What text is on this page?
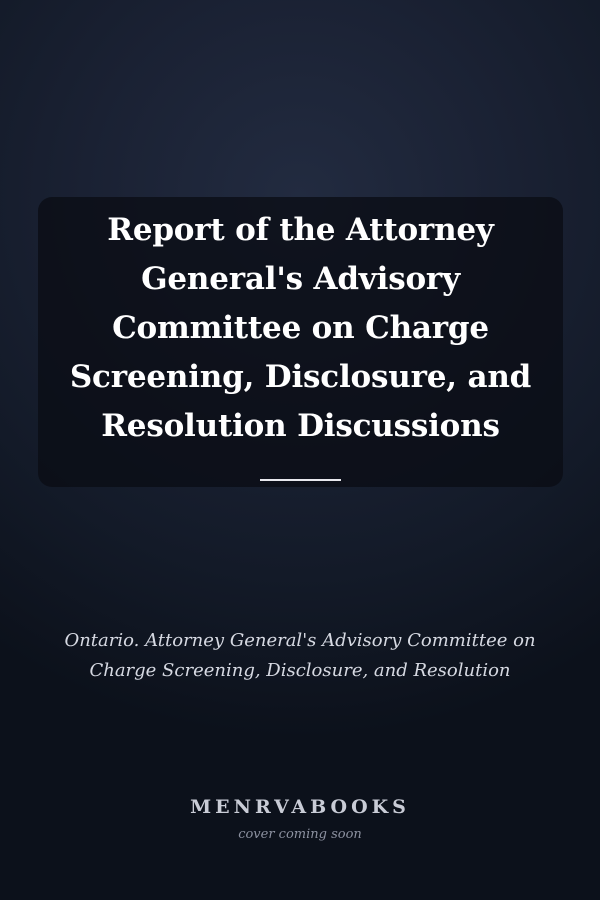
Report of the Attorney General's Advisory Committee on Charge Screening, Disclosure, and Resolution Discussions

Ontario. Attorney General's Advisory Committee on Charge Screening, Disclosure, and Resolution

MENRVABOOKS
cover coming soon
